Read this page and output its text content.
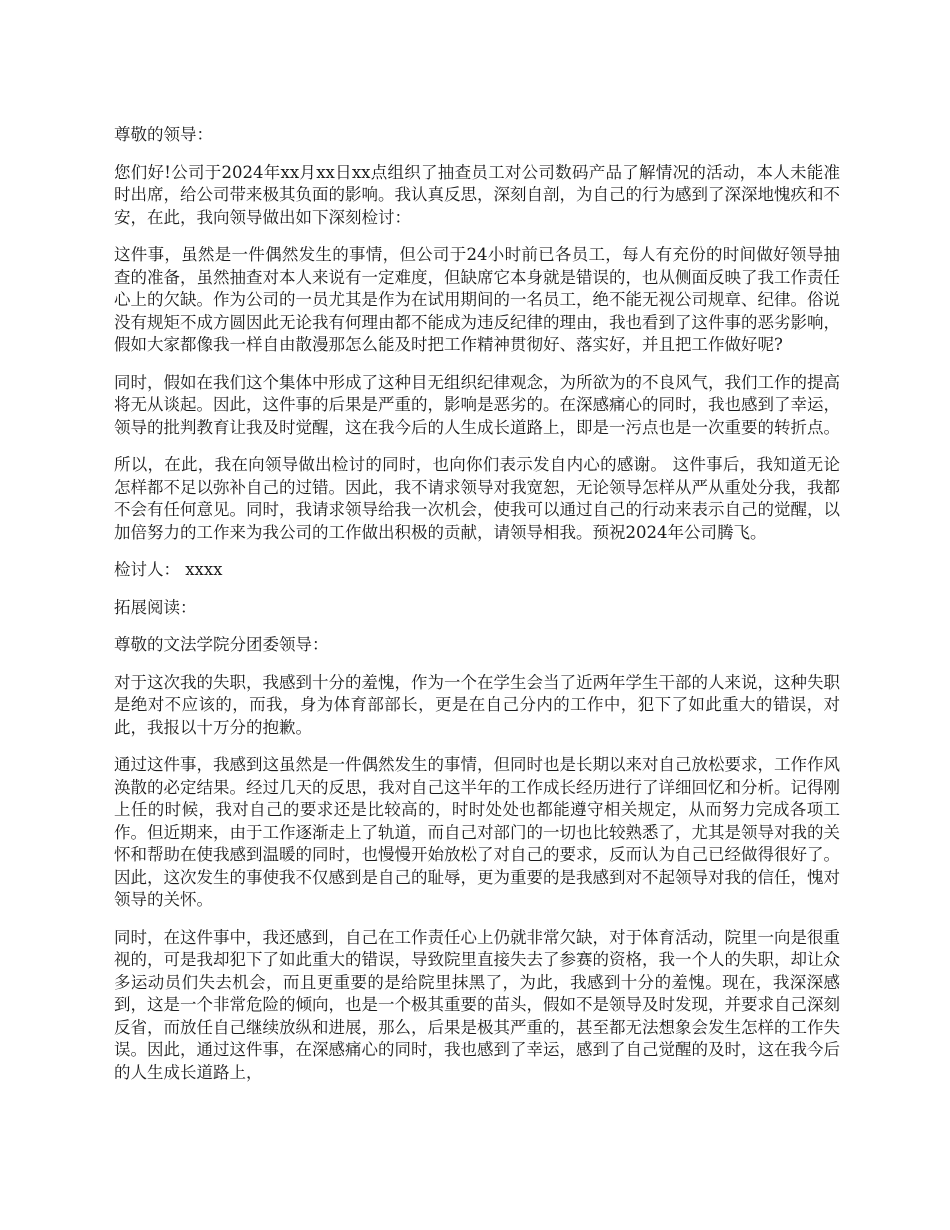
尊敬的领导：

您们好!公司于2024年xx月xx日xx点组织了抽查员工对公司数码产品了解情况的活动，本人未能准时出席，给公司带来极其负面的影响。我认真反思，深刻自剖，为自己的行为感到了深深地愧疚和不安，在此，我向领导做出如下深刻检讨：

这件事，虽然是一件偶然发生的事情，但公司于24小时前已各员工，每人有充份的时间做好领导抽查的准备，虽然抽查对本人来说有一定难度，但缺席它本身就是错误的，也从侧面反映了我工作责任心上的欠缺。作为公司的一员尤其是作为在试用期间的一名员工，绝不能无视公司规章、纪律。俗说没有规矩不成方圆因此无论我有何理由都不能成为违反纪律的理由，我也看到了这件事的恶劣影响，假如大家都像我一样自由散漫那怎么能及时把工作精神贯彻好、落实好，并且把工作做好呢?

同时，假如在我们这个集体中形成了这种目无组织纪律观念，为所欲为的不良风气，我们工作的提高将无从谈起。因此，这件事的后果是严重的，影响是恶劣的。在深感痛心的同时，我也感到了幸运，领导的批判教育让我及时觉醒，这在我今后的人生成长道路上，即是一污点也是一次重要的转折点。

所以，在此，我在向领导做出检讨的同时，也向你们表示发自内心的感谢。 这件事后，我知道无论怎样都不足以弥补自己的过错。因此，我不请求领导对我宽恕，无论领导怎样从严从重处分我，我都不会有任何意见。同时，我请求领导给我一次机会，使我可以通过自己的行动来表示自己的觉醒，以加倍努力的工作来为我公司的工作做出积极的贡献，请领导相我。预祝2024年公司腾飞。

检讨人： xxxx

拓展阅读：

尊敬的文法学院分团委领导：

对于这次我的失职，我感到十分的羞愧，作为一个在学生会当了近两年学生干部的人来说，这种失职是绝对不应该的，而我，身为体育部部长，更是在自己分内的工作中，犯下了如此重大的错误，对此，我报以十万分的抱歉。

通过这件事，我感到这虽然是一件偶然发生的事情，但同时也是长期以来对自己放松要求，工作作风涣散的必定结果。经过几天的反思，我对自己这半年的工作成长经历进行了详细回忆和分析。记得刚上任的时候，我对自己的要求还是比较高的，时时处处也都能遵守相关规定，从而努力完成各项工作。但近期来，由于工作逐渐走上了轨道，而自己对部门的一切也比较熟悉了，尤其是领导对我的关怀和帮助在使我感到温暖的同时，也慢慢开始放松了对自己的要求，反而认为自己已经做得很好了。因此，这次发生的事使我不仅感到是自己的耻辱，更为重要的是我感到对不起领导对我的信任，愧对领导的关怀。

同时，在这件事中，我还感到，自己在工作责任心上仍就非常欠缺，对于体育活动，院里一向是很重视的，可是我却犯下了如此重大的错误，导致院里直接失去了参赛的资格，我一个人的失职，却让众多运动员们失去机会，而且更重要的是给院里抹黑了，为此，我感到十分的羞愧。现在，我深深感到，这是一个非常危险的倾向，也是一个极其重要的苗头，假如不是领导及时发现，并要求自己深刻反省，而放任自己继续放纵和进展，那么，后果是极其严重的，甚至都无法想象会发生怎样的工作失误。因此，通过这件事，在深感痛心的同时，我也感到了幸运，感到了自己觉醒的及时，这在我今后的人生成长道路上，
